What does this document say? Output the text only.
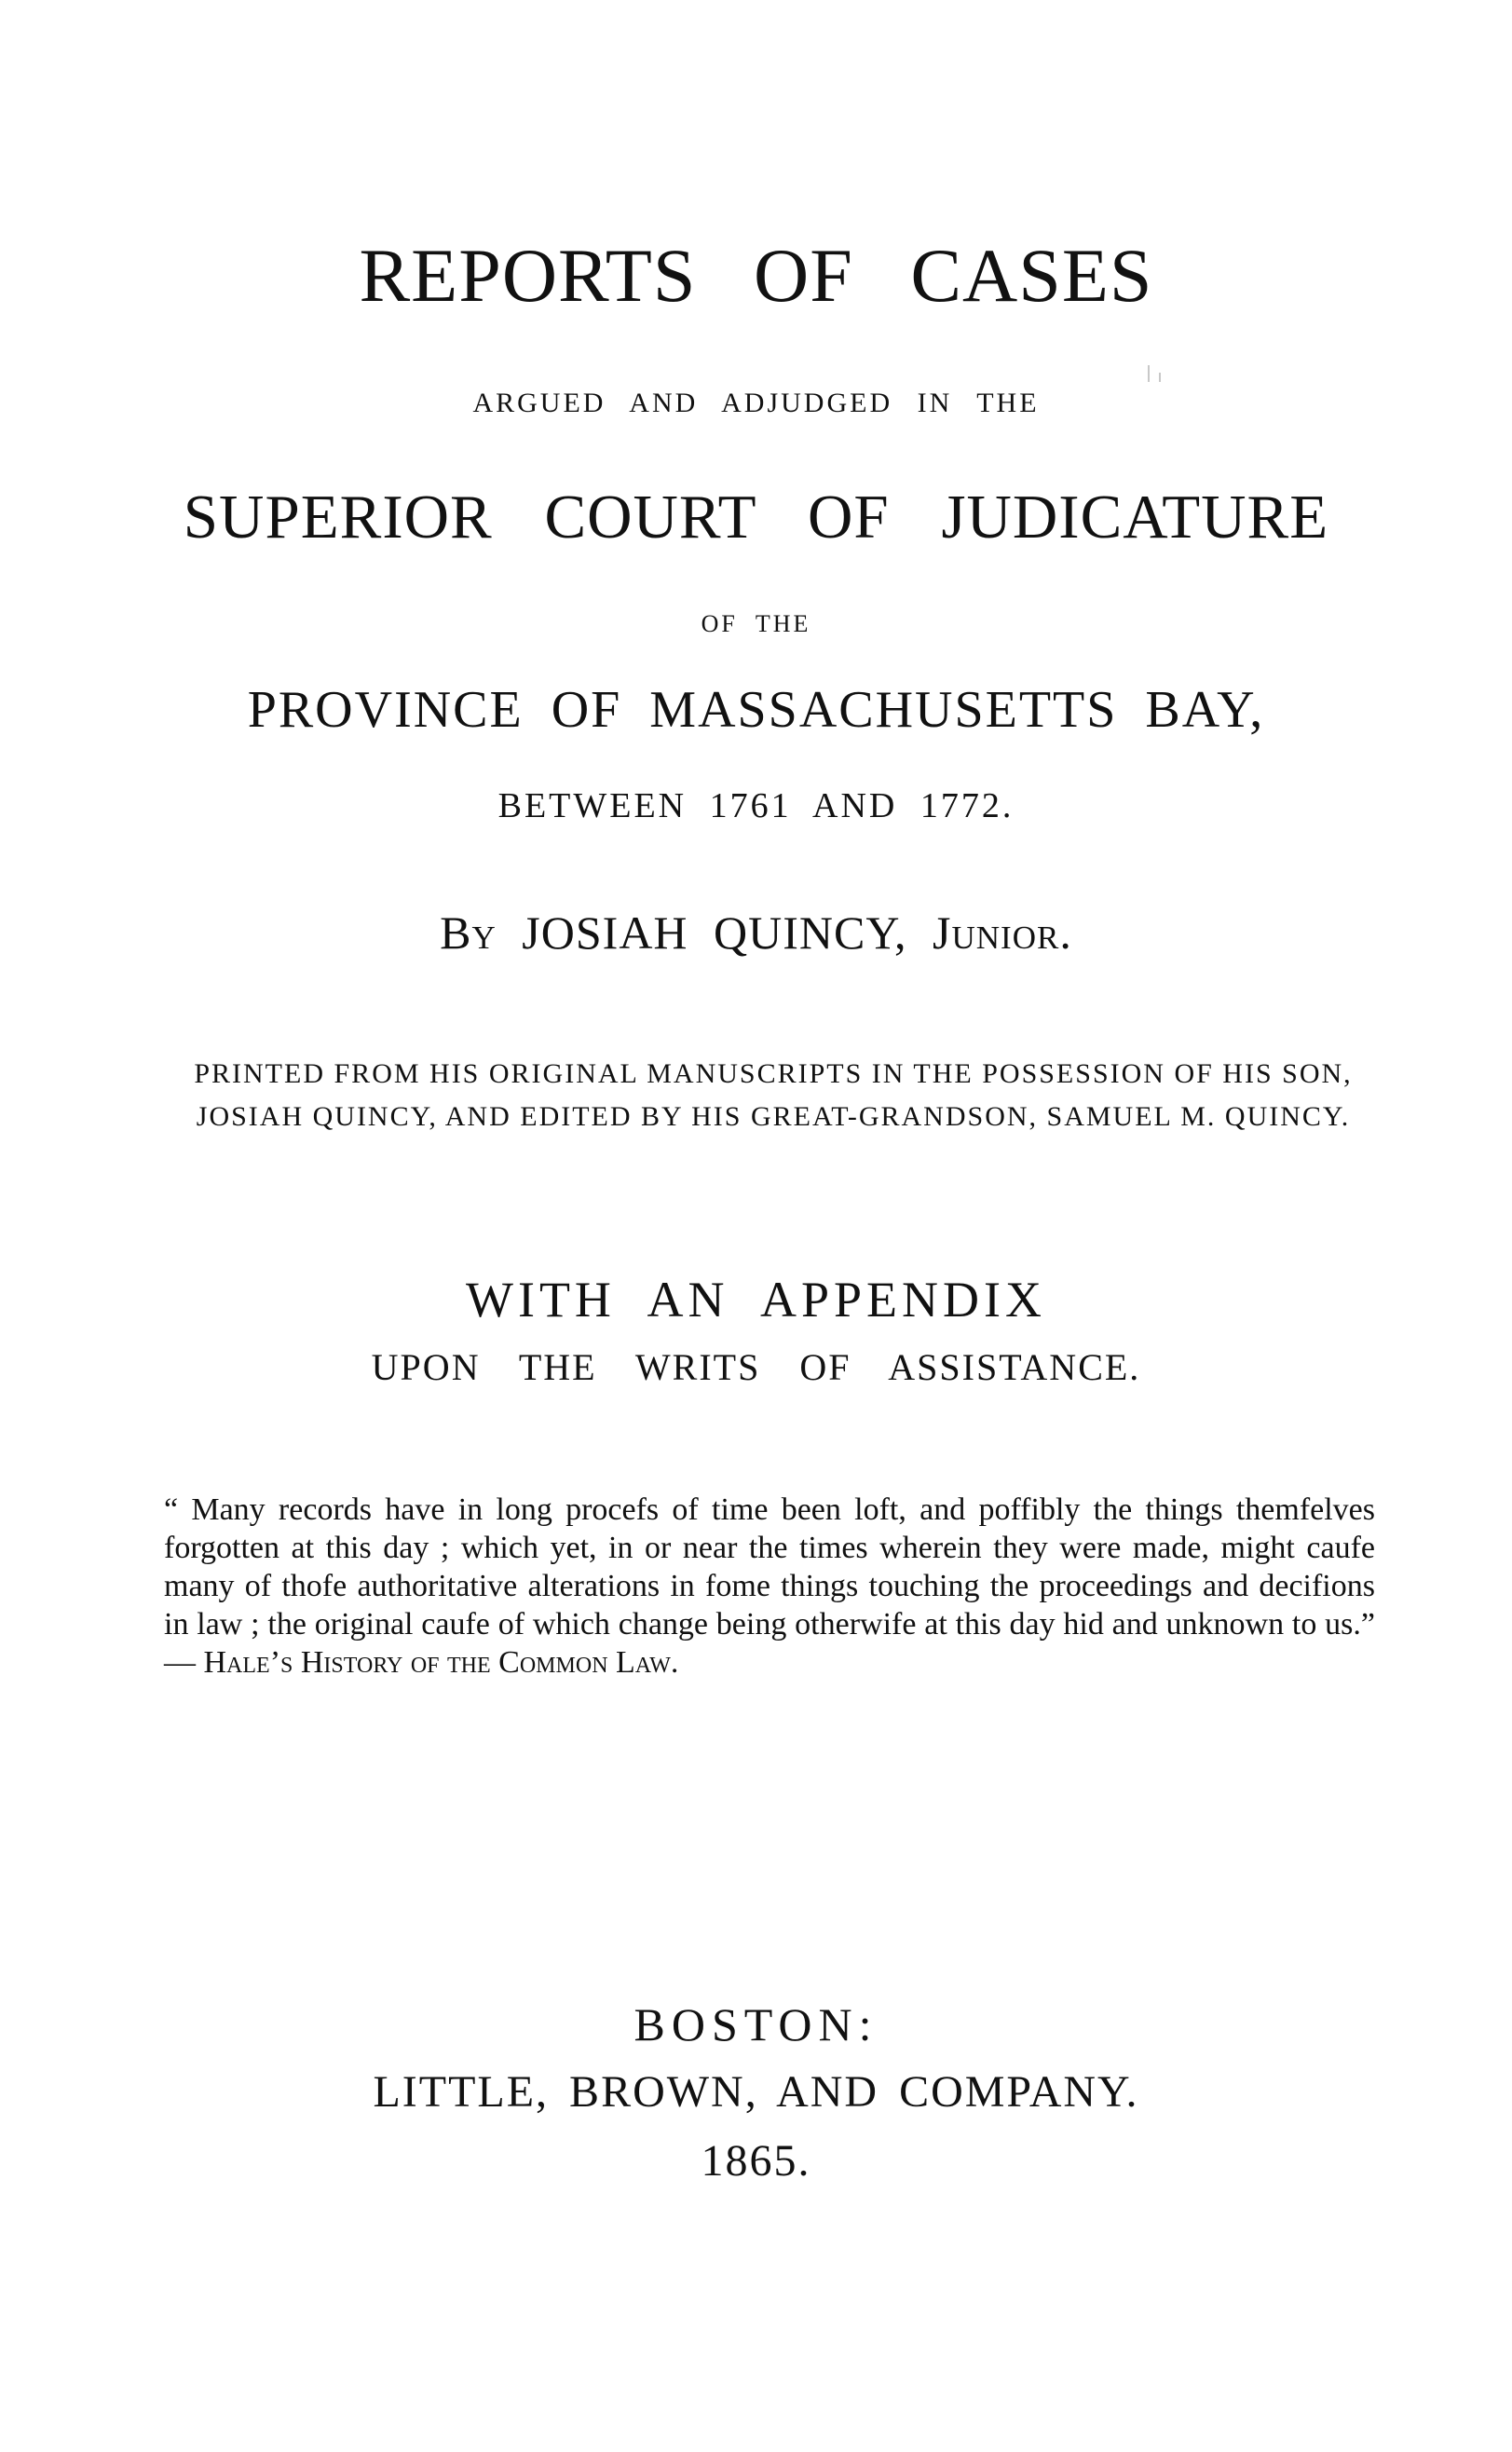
REPORTS OF CASES
ARGUED AND ADJUDGED IN THE
SUPERIOR COURT OF JUDICATURE
OF THE
PROVINCE OF MASSACHUSETTS BAY,
BETWEEN 1761 AND 1772.
By JOSIAH QUINCY, Junior.
PRINTED FROM HIS ORIGINAL MANUSCRIPTS IN THE POSSESSION OF HIS SON, JOSIAH QUINCY, AND EDITED BY HIS GREAT-GRANDSON, SAMUEL M. QUINCY.
WITH AN APPENDIX
UPON THE WRITS OF ASSISTANCE.
“ Many records have in long procefs of time been loft, and poffibly the things themfelves forgotten at this day ; which yet, in or near the times wherein they were made, might caufe many of thofe authoritative alterations in fome things touching the proceedings and decifions in law ; the original caufe of which change being otherwife at this day hid and unknown to us.” — Hale’s History of the Common Law.
BOSTON:
LITTLE, BROWN, AND COMPANY.
1865.
